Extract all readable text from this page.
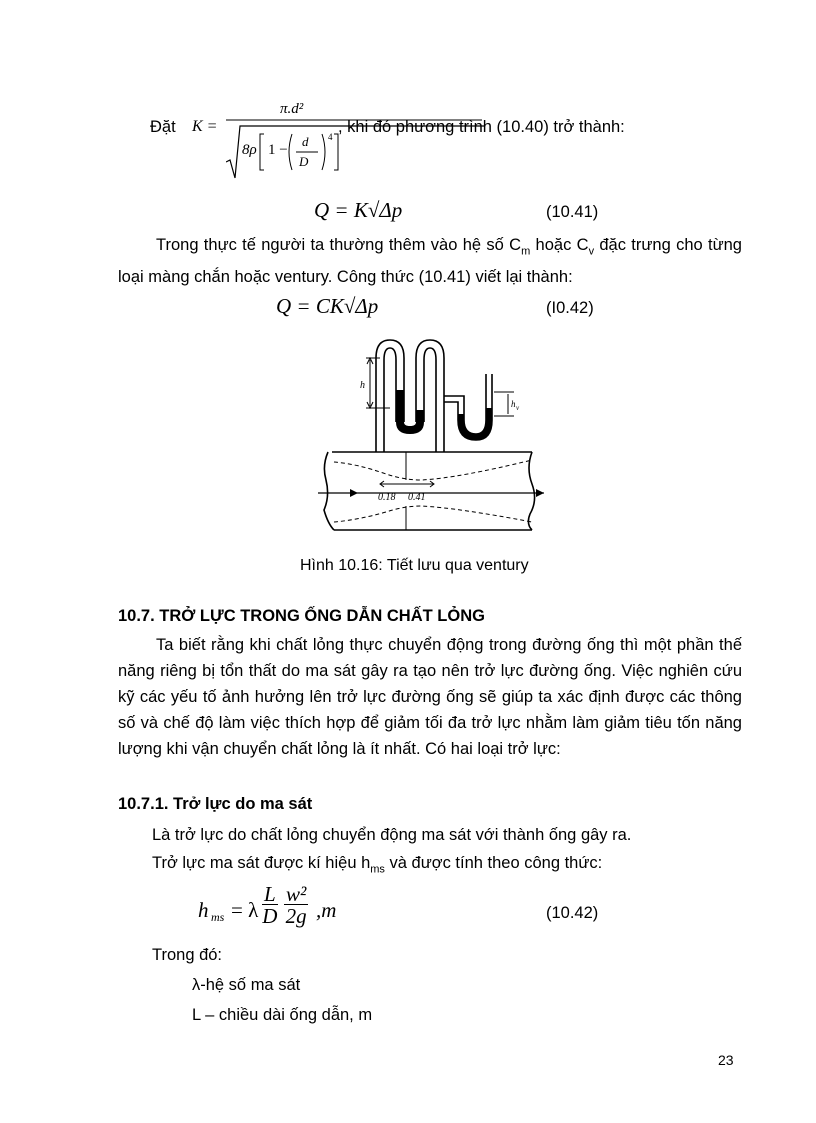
Đặt K =
π.d²
8ρ 1 −
d
D
4
, khi đó phương trình (10.40) trở thành:
Q = K√Δp	(10.41)
Trong thực tế người ta thường thêm vào hệ số $C_m$ hoặc $C_v$ đặc trưng cho từng loại màng chắn hoặc ventury. Công thức (10.41) viết lại thành:
Q = CK√Δp	(I0.42)
h
h v
0.18 0.41
Hình 10.16: Tiết lưu qua ventury
10.7. TRỞ LỰC TRONG ỐNG DẪN CHẤT LỎNG
Ta biết rằng khi chất lỏng thực chuyển động trong đường ống thì một phần thế năng riêng bị tổn thất do ma sát gây ra tạo nên trở lực đường ống. Việc nghiên cứu kỹ các yếu tố ảnh hưởng lên trở lực đường ống sẽ giúp ta xác định được các thông số và chế độ làm việc thích hợp để giảm tối đa trở lực nhằm làm giảm tiêu tốn năng lượng khi vận chuyển chất lỏng là ít nhất. Có hai loại trở lực:
10.7.1. Trở lực do ma sát
Là trở lực do chất lỏng chuyển động ma sát với thành ống gây ra.
Trở lực ma sát được kí hiệu $h_{ms}$ và được tính theo công thức:
h ms = λ $\frac{L}{D} \frac{\text{w²}}{2g} ,m$	(10.42)
Trong đó:
λ-hệ số ma sát
L – chiều dài ống dẫn, m
23
